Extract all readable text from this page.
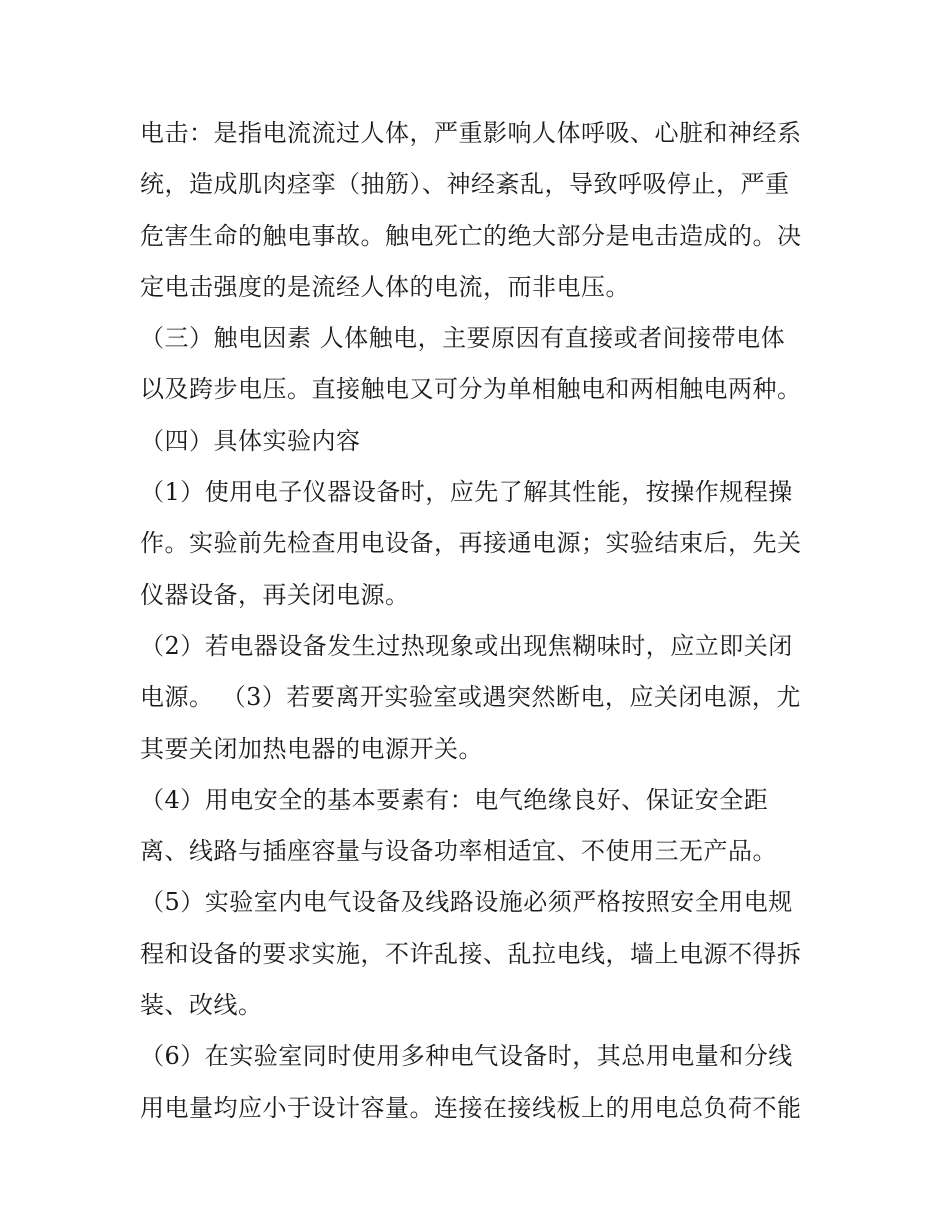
电击：是指电流流过人体，严重影响人体呼吸、心脏和神经系
统，造成肌肉痉挛（抽筋）、神经紊乱，导致呼吸停止，严重
危害生命的触电事故。触电死亡的绝大部分是电击造成的。决
定电击强度的是流经人体的电流，而非电压。
（三）触电因素 人体触电，主要原因有直接或者间接带电体
以及跨步电压。直接触电又可分为单相触电和两相触电两种。
（四）具体实验内容
（1）使用电子仪器设备时，应先了解其性能，按操作规程操
作。实验前先检查用电设备，再接通电源；实验结束后，先关
仪器设备，再关闭电源。
（2）若电器设备发生过热现象或出现焦糊味时，应立即关闭
电源。 （3）若要离开实验室或遇突然断电，应关闭电源，尤
其要关闭加热电器的电源开关。
（4）用电安全的基本要素有：电气绝缘良好、保证安全距
离、线路与插座容量与设备功率相适宜、不使用三无产品。
（5）实验室内电气设备及线路设施必须严格按照安全用电规
程和设备的要求实施，不许乱接、乱拉电线，墙上电源不得拆
装、改线。
（6）在实验室同时使用多种电气设备时，其总用电量和分线
用电量均应小于设计容量。连接在接线板上的用电总负荷不能
